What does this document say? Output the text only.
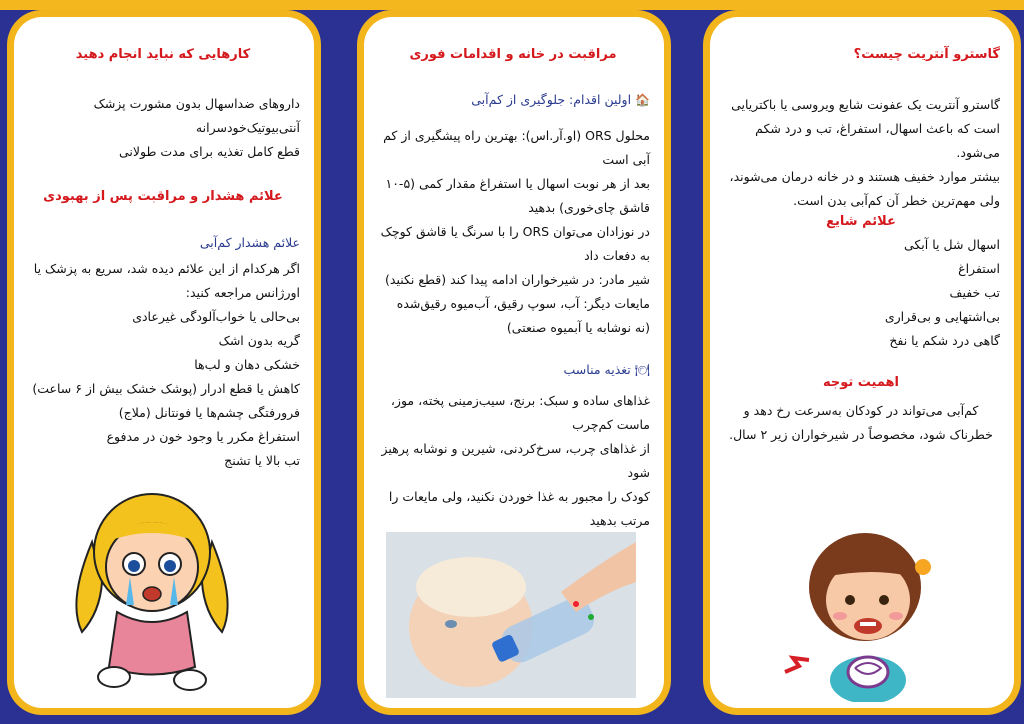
گاسترو آنتریت چیست؟

گاسترو آنتریت یک عفونت شایع ویروسی یا باکتریایی

است که باعث اسهال، استفراغ، تب و درد شکم می‌شود.

بیشتر موارد خفیف هستند و در خانه درمان می‌شوند،

ولی مهم‌ترین خطر آن کم‌آبی بدن است.

علائم شایع

اسهال شل یا آبکی

استفراغ

تب خفیف

بی‌اشتهایی و بی‌قراری

گاهی درد شکم یا نفخ

اهمیت توجه

کم‌آبی می‌تواند در کودکان به‌سرعت رخ دهد و

خطرناک شود، مخصوصاً در شیرخواران زیر ۲ سال.

مراقبت در خانه و اقدامات فوری

🏠 اولین اقدام: جلوگیری از کم‌آبی

محلول ORS (او.آر.اس): بهترین راه پیشگیری از کم

آبی است

بعد از هر نوبت اسهال یا استفراغ مقدار کمی (۵-۱۰

قاشق چای‌خوری) بدهید

در نوزادان می‌توان ORS را با سرنگ یا قاشق کوچک

به دفعات داد

شیر مادر: در شیرخواران ادامه پیدا کند (قطع نکنید)

مایعات دیگر: آب، سوپ رقیق، آب‌میوه رقیق‌شده

(نه نوشابه یا آبمیوه صنعتی)

🍽 تغذیه مناسب

غذاهای ساده و سبک: برنج، سیب‌زمینی پخته، موز،

ماست کم‌چرب

از غذاهای چرب، سرخ‌کردنی، شیرین و نوشابه پرهیز شود

کودک را مجبور به غذا خوردن نکنید، ولی مایعات را

مرتب بدهید

کارهایی که نباید انجام دهید

داروهای ضداسهال بدون مشورت پزشک

آنتی‌بیوتیک‌خودسرانه

قطع کامل تغذیه برای مدت طولانی

علائم هشدار و مراقبت پس از بهبودی

علائم هشدار کم‌آبی

اگر هرکدام از این علائم دیده شد، سریع به پزشک یا

اورژانس مراجعه کنید:

بی‌حالی یا خواب‌آلودگی غیرعادی

گریه بدون اشک

خشکی دهان و لب‌ها

کاهش یا قطع ادرار (پوشک خشک بیش از ۶ ساعت)

فرورفتگی چشم‌ها یا فونتانل (ملاج)

استفراغ مکرر یا وجود خون در مدفوع

تب بالا یا تشنج
